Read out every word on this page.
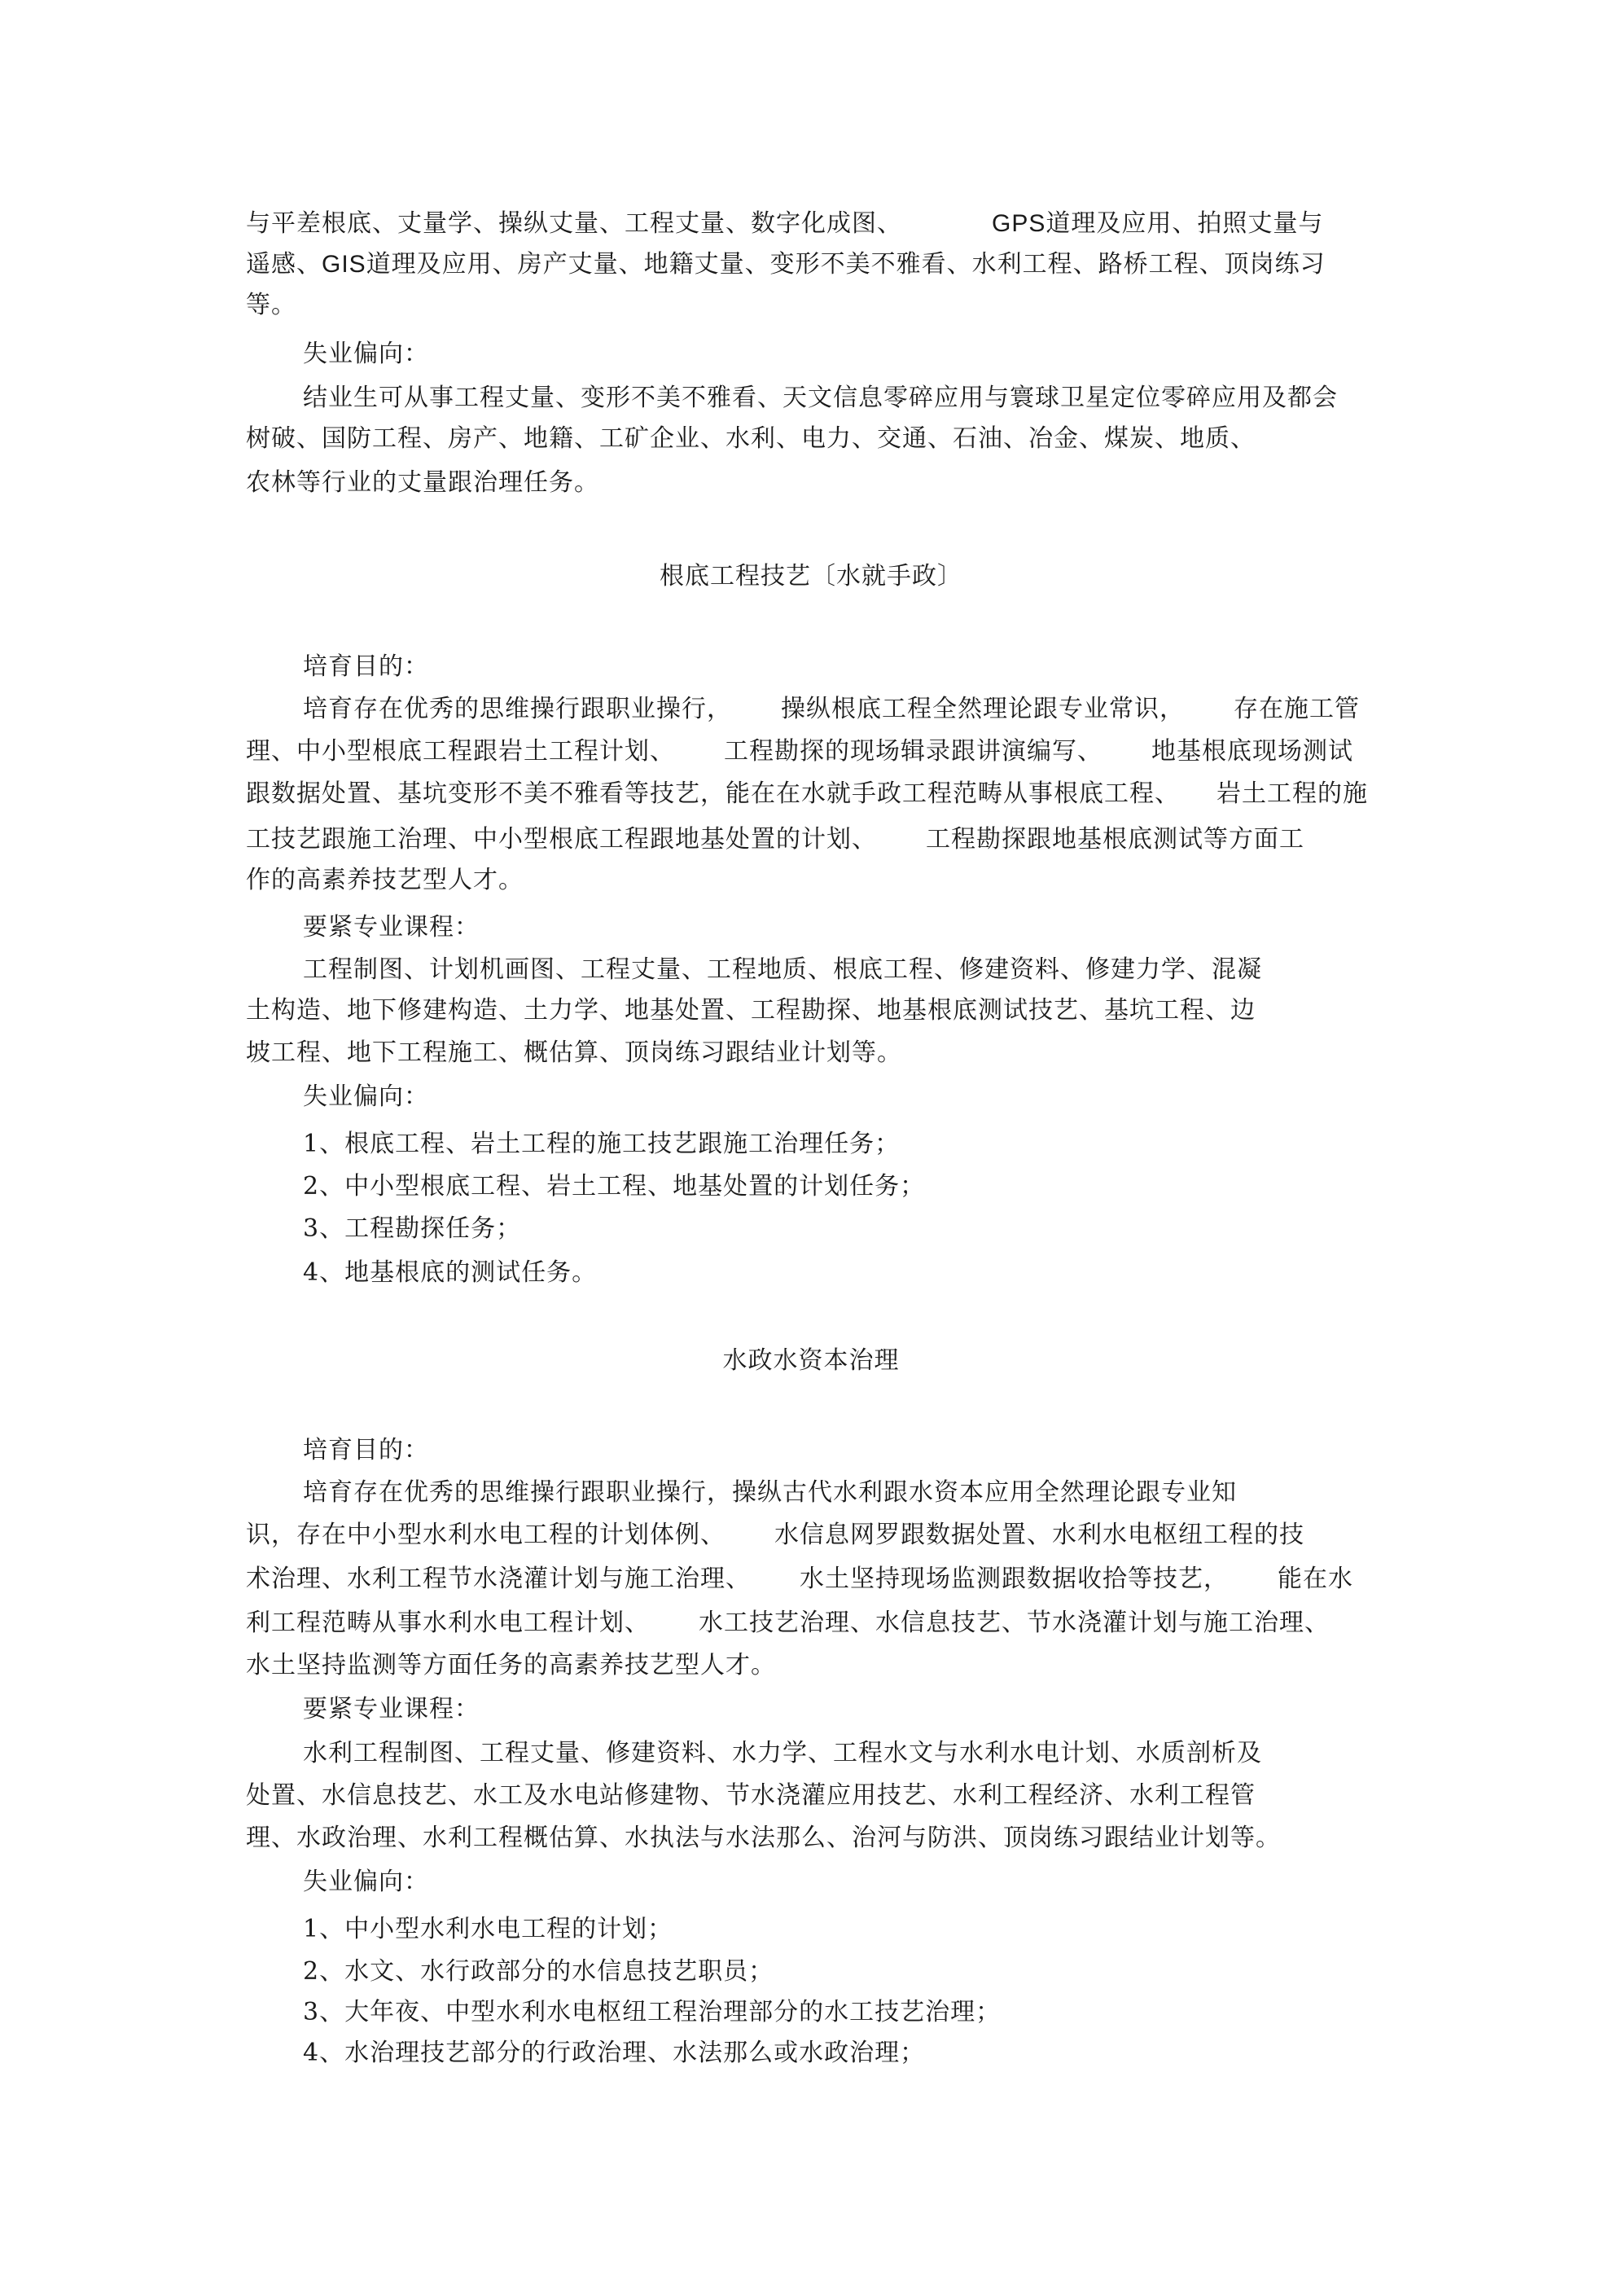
与平差根底、丈量学、操纵丈量、工程丈量、数字化成图、	GPS道理及应用、拍照丈量与
遥感、GIS道理及应用、房产丈量、地籍丈量、变形不美不雅看、水利工程、路桥工程、顶岗练习
等。
失业偏向：
结业生可从事工程丈量、变形不美不雅看、天文信息零碎应用与寰球卫星定位零碎应用及都会
树破、国防工程、房产、地籍、工矿企业、水利、电力、交通、石油、冶金、煤炭、地质、
农林等行业的丈量跟治理任务。
根底工程技艺〔水就手政〕
培育目的：
培育存在优秀的思维操行跟职业操行， 操纵根底工程全然理论跟专业常识， 存在施工管
理、中小型根底工程跟岩土工程计划、 工程勘探的现场辑录跟讲演编写、 地基根底现场测试
跟数据处置、基坑变形不美不雅看等技艺，能在在水就手政工程范畴从事根底工程、 岩土工程的施
工技艺跟施工治理、中小型根底工程跟地基处置的计划、 工程勘探跟地基根底测试等方面工
作的高素养技艺型人才。
要紧专业课程：
工程制图、计划机画图、工程丈量、工程地质、根底工程、修建资料、修建力学、混凝
土构造、地下修建构造、土力学、地基处置、工程勘探、地基根底测试技艺、基坑工程、边
坡工程、地下工程施工、概估算、顶岗练习跟结业计划等。
失业偏向：
1、根底工程、岩土工程的施工技艺跟施工治理任务；
2、中小型根底工程、岩土工程、地基处置的计划任务；
3、工程勘探任务；
4、地基根底的测试任务。
水政水资本治理
培育目的：
培育存在优秀的思维操行跟职业操行，操纵古代水利跟水资本应用全然理论跟专业知
识，存在中小型水利水电工程的计划体例、 水信息网罗跟数据处置、水利水电枢纽工程的技
术治理、水利工程节水浇灌计划与施工治理、 水土坚持现场监测跟数据收拾等技艺， 能在水
利工程范畴从事水利水电工程计划、 水工技艺治理、水信息技艺、节水浇灌计划与施工治理、
水土坚持监测等方面任务的高素养技艺型人才。
要紧专业课程：
水利工程制图、工程丈量、修建资料、水力学、工程水文与水利水电计划、水质剖析及
处置、水信息技艺、水工及水电站修建物、节水浇灌应用技艺、水利工程经济、水利工程管
理、水政治理、水利工程概估算、水执法与水法那么、治河与防洪、顶岗练习跟结业计划等。
失业偏向：
1、中小型水利水电工程的计划；
2、水文、水行政部分的水信息技艺职员；
3、大年夜、中型水利水电枢纽工程治理部分的水工技艺治理；
4、水治理技艺部分的行政治理、水法那么或水政治理；
